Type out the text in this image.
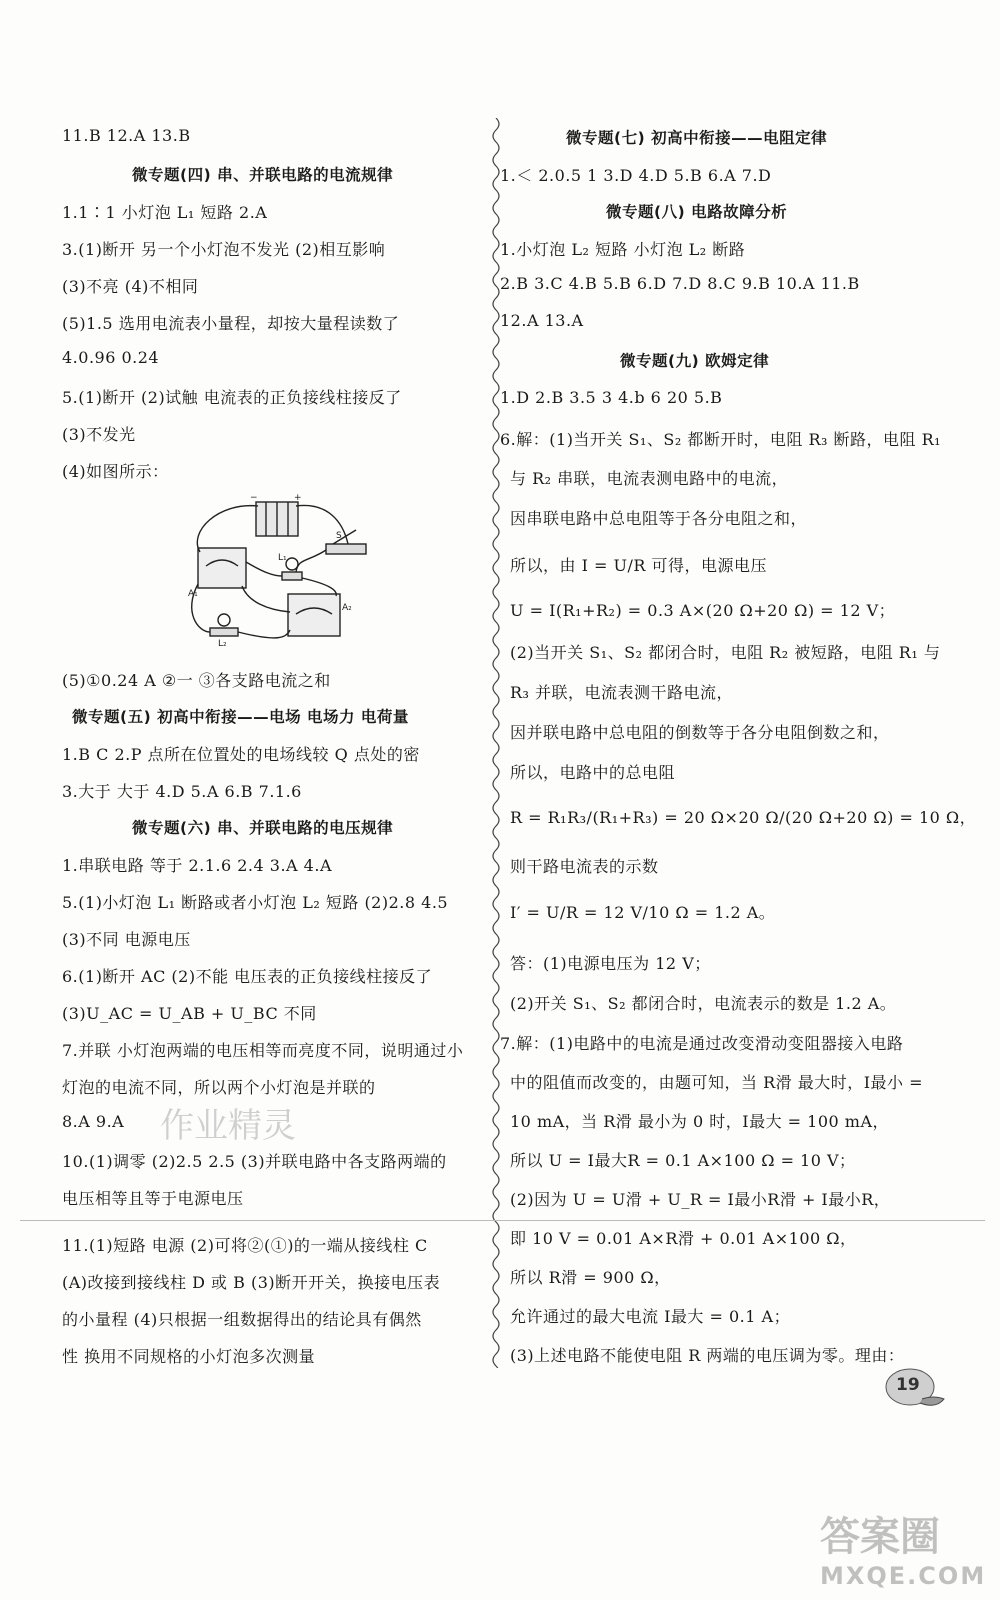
11.B 12.A 13.B
微专题(四) 串、并联电路的电流规律
1.1∶1 小灯泡 L₁ 短路 2.A
3.(1)断开 另一个小灯泡不发光 (2)相互影响
(3)不亮 (4)不相同
(5)1.5 选用电流表小量程，却按大量程读数了
4.0.96 0.24
5.(1)断开 (2)试触 电流表的正负接线柱接反了
(3)不发光
(4)如图所示：
(5)①0.24 A ②一 ③各支路电流之和
微专题(五) 初高中衔接——电场 电场力 电荷量
1.B C 2.P 点所在位置处的电场线较 Q 点处的密
3.大于 大于 4.D 5.A 6.B 7.1.6
微专题(六) 串、并联电路的电压规律
1.串联电路 等于 2.1.6 2.4 3.A 4.A
5.(1)小灯泡 L₁ 断路或者小灯泡 L₂ 短路 (2)2.8 4.5
(3)不同 电源电压
6.(1)断开 AC (2)不能 电压表的正负接线柱接反了
(3)U_AC = U_AB + U_BC 不同
7.并联 小灯泡两端的电压相等而亮度不同，说明通过小
灯泡的电流不同，所以两个小灯泡是并联的
8.A 9.A
10.(1)调零 (2)2.5 2.5 (3)并联电路中各支路两端的
电压相等且等于电源电压
11.(1)短路 电源 (2)可将②(①)的一端从接线柱 C
(A)改接到接线柱 D 或 B (3)断开开关，换接电压表
的小量程 (4)只根据一组数据得出的结论具有偶然
性 换用不同规格的小灯泡多次测量
−	+
S
L₁
A₁
A₂
L₂
微专题(七) 初高中衔接——电阻定律
1.＜ 2.0.5 1 3.D 4.D 5.B 6.A 7.D
微专题(八) 电路故障分析
1.小灯泡 L₂ 短路 小灯泡 L₂ 断路
2.B 3.C 4.B 5.B 6.D 7.D 8.C 9.B 10.A 11.B
12.A 13.A
微专题(九) 欧姆定律
1.D 2.B 3.5 3 4.b 6 20 5.B
6.解：(1)当开关 S₁、S₂ 都断开时，电阻 R₃ 断路，电阻 R₁
与 R₂ 串联，电流表测电路中的电流，
因串联电路中总电阻等于各分电阻之和，
所以，由 I = U/R 可得，电源电压
U = I(R₁+R₂) = 0.3 A×(20 Ω+20 Ω) = 12 V；
(2)当开关 S₁、S₂ 都闭合时，电阻 R₂ 被短路，电阻 R₁ 与
R₃ 并联，电流表测干路电流，
因并联电路中总电阻的倒数等于各分电阻倒数之和，
所以，电路中的总电阻
R = R₁R₃/(R₁+R₃) = 20 Ω×20 Ω/(20 Ω+20 Ω) = 10 Ω，
则干路电流表的示数
I′ = U/R = 12 V/10 Ω = 1.2 A。
答：(1)电源电压为 12 V；
(2)开关 S₁、S₂ 都闭合时，电流表示的数是 1.2 A。
7.解：(1)电路中的电流是通过改变滑动变阻器接入电路
中的阻值而改变的，由题可知，当 R滑 最大时，I最小 =
10 mA，当 R滑 最小为 0 时，I最大 = 100 mA，
所以 U = I最大R = 0.1 A×100 Ω = 10 V；
(2)因为 U = U滑 + U_R = I最小R滑 + I最小R，
即 10 V = 0.01 A×R滑 + 0.01 A×100 Ω，
所以 R滑 = 900 Ω，
允许通过的最大电流 I最大 = 0.1 A；
(3)上述电路不能使电阻 R 两端的电压调为零。理由：
作业精灵
19
答案圈
MXQE.COM
